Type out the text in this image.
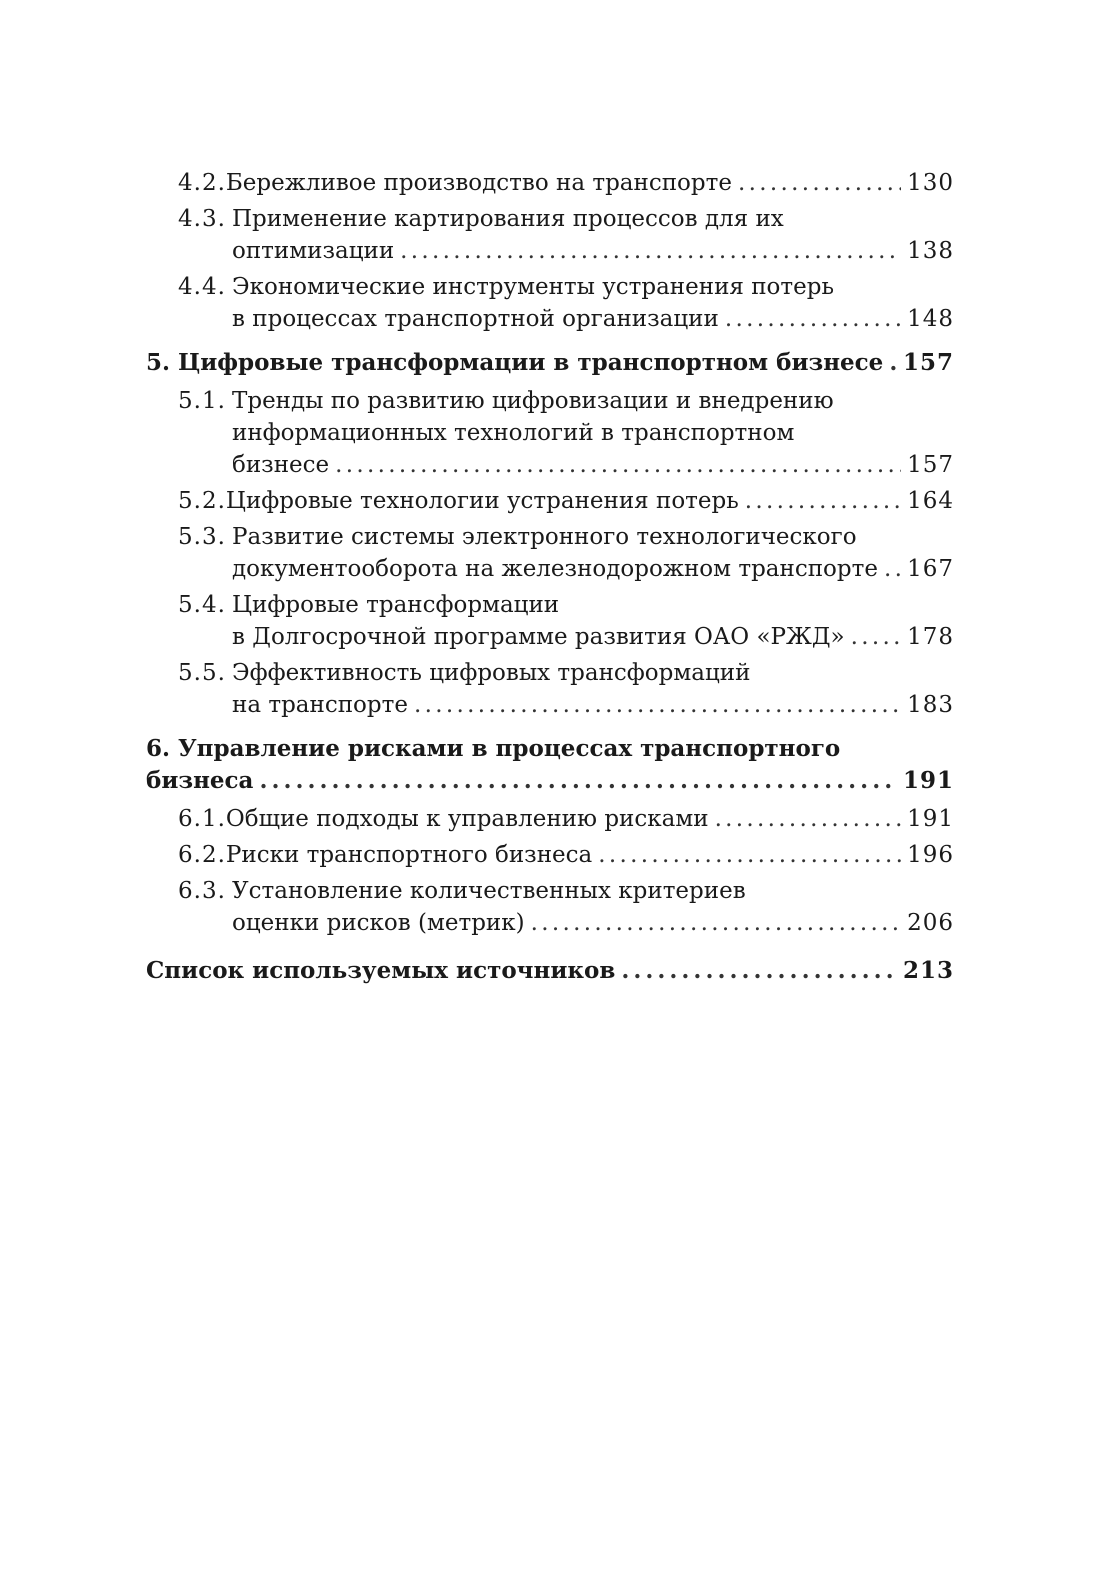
4.2. Бережливое производство на транспорте . . .	130
4.3. Применение картирования процессов для их
оптимизации . . .	138
4.4. Экономические инструменты устранения потерь
в процессах транспортной организации . . .	148
5. Цифровые трансформации в транспортном бизнесе . . . 157
5.1. Тренды по развитию цифровизации и внедрению
информационных технологий в транспортном
бизнесе . . .	157
5.2. Цифровые технологии устранения потерь . . .	164
5.3. Развитие системы электронного технологического
документооборота на железнодорожном транспорте . . . 167
5.4. Цифровые трансформации
в Долгосрочной программе развития ОАО «РЖД» . . .	178
5.5. Эффективность цифровых трансформаций
на транспорте . . .	183
6. Управление рисками в процессах транспортного
бизнеса . . .	191
6.1. Общие подходы к управлению рисками . . .	191
6.2. Риски транспортного бизнеса . . .	196
6.3. Установление количественных критериев
оценки рисков (метрик) . . .	206
Список используемых источников . . .	213
